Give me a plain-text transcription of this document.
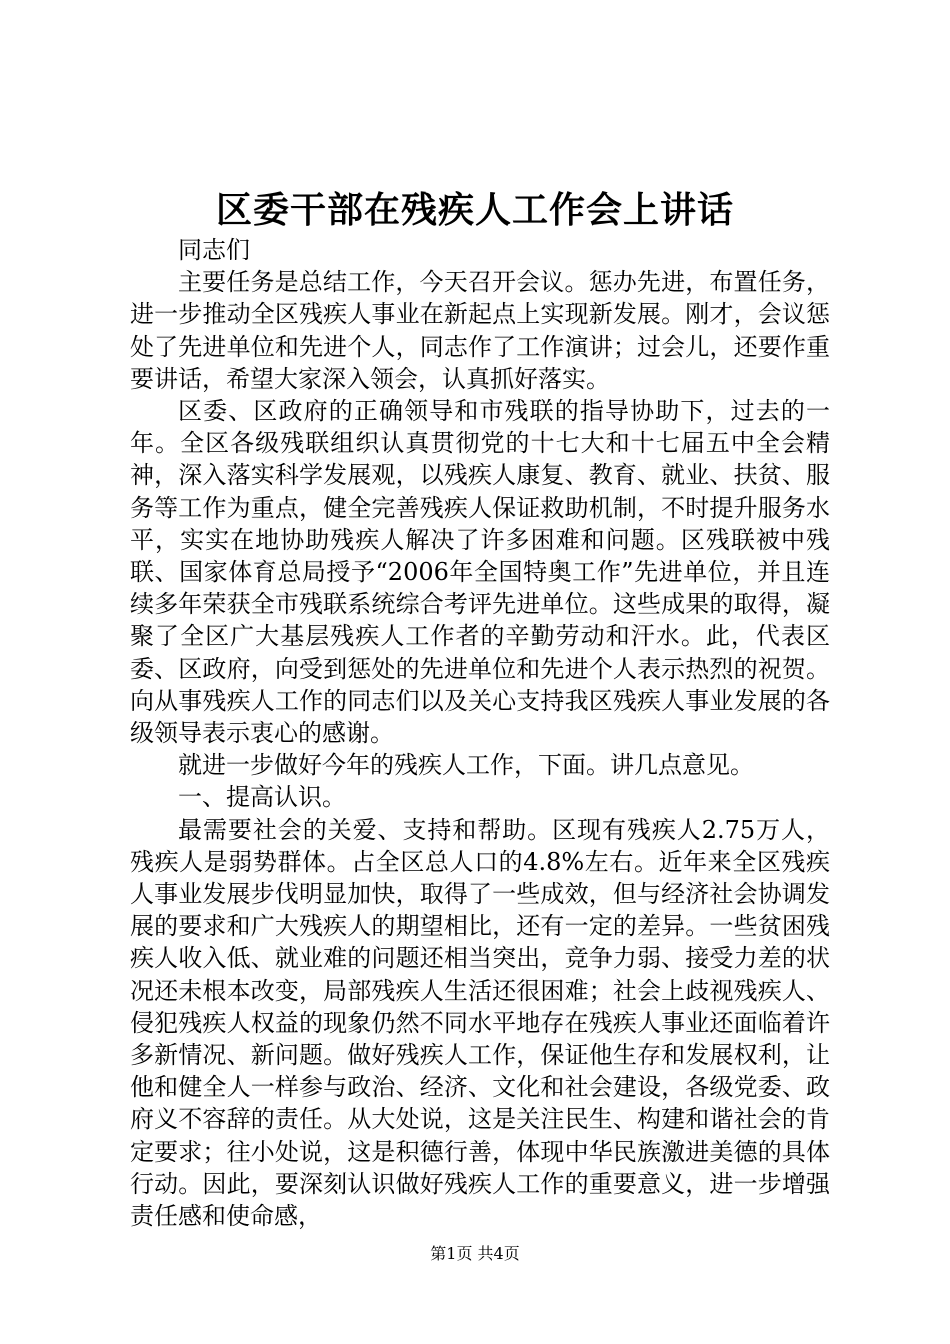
区委干部在残疾人工作会上讲话

同志们

主要任务是总结工作，今天召开会议。惩办先进，布置任务，进一步推动全区残疾人事业在新起点上实现新发展。刚才，会议惩处了先进单位和先进个人，同志作了工作演讲；过会儿，还要作重要讲话，希望大家深入领会，认真抓好落实。

区委、区政府的正确领导和市残联的指导协助下，过去的一年。全区各级残联组织认真贯彻党的十七大和十七届五中全会精神，深入落实科学发展观，以残疾人康复、教育、就业、扶贫、服务等工作为重点，健全完善残疾人保证救助机制，不时提升服务水平，实实在地协助残疾人解决了许多困难和问题。区残联被中残联、国家体育总局授予“2006年全国特奥工作”先进单位，并且连续多年荣获全市残联系统综合考评先进单位。这些成果的取得，凝聚了全区广大基层残疾人工作者的辛勤劳动和汗水。此，代表区委、区政府，向受到惩处的先进单位和先进个人表示热烈的祝贺。向从事残疾人工作的同志们以及关心支持我区残疾人事业发展的各级领导表示衷心的感谢。

就进一步做好今年的残疾人工作，下面。讲几点意见。

一、提高认识。

最需要社会的关爱、支持和帮助。区现有残疾人2.75万人，残疾人是弱势群体。占全区总人口的4.8%左右。近年来全区残疾人事业发展步伐明显加快，取得了一些成效，但与经济社会协调发展的要求和广大残疾人的期望相比，还有一定的差异。一些贫困残疾人收入低、就业难的问题还相当突出，竞争力弱、接受力差的状况还未根本改变，局部残疾人生活还很困难；社会上歧视残疾人、侵犯残疾人权益的现象仍然不同水平地存在残疾人事业还面临着许多新情况、新问题。做好残疾人工作，保证他生存和发展权利，让他和健全人一样参与政治、经济、文化和社会建设，各级党委、政府义不容辞的责任。从大处说，这是关注民生、构建和谐社会的肯定要求；往小处说，这是积德行善，体现中华民族激进美德的具体行动。因此，要深刻认识做好残疾人工作的重要意义，进一步增强责任感和使命感，

第1页 共4页
